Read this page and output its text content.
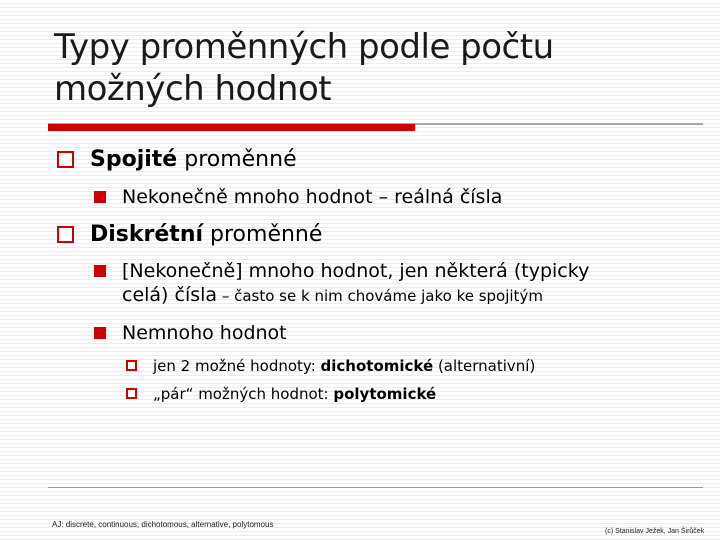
Typy proměnných podle počtu možných hodnot
Spojité proměnné
Nekonečně mnoho hodnot – reálná čísla
Diskrétní proměnné
[Nekonečně] mnoho hodnot, jen některá (typicky
celá) čísla – často se k nim chováme jako ke spojitým
Nemnoho hodnot
jen 2 možné hodnoty: dichotomické (alternativní)
„pár“ možných hodnot: polytomické
AJ: discrete, continuous, dichotomous, alternative, polytomous
(c) Stanislav Ježek, Jan Širůček
